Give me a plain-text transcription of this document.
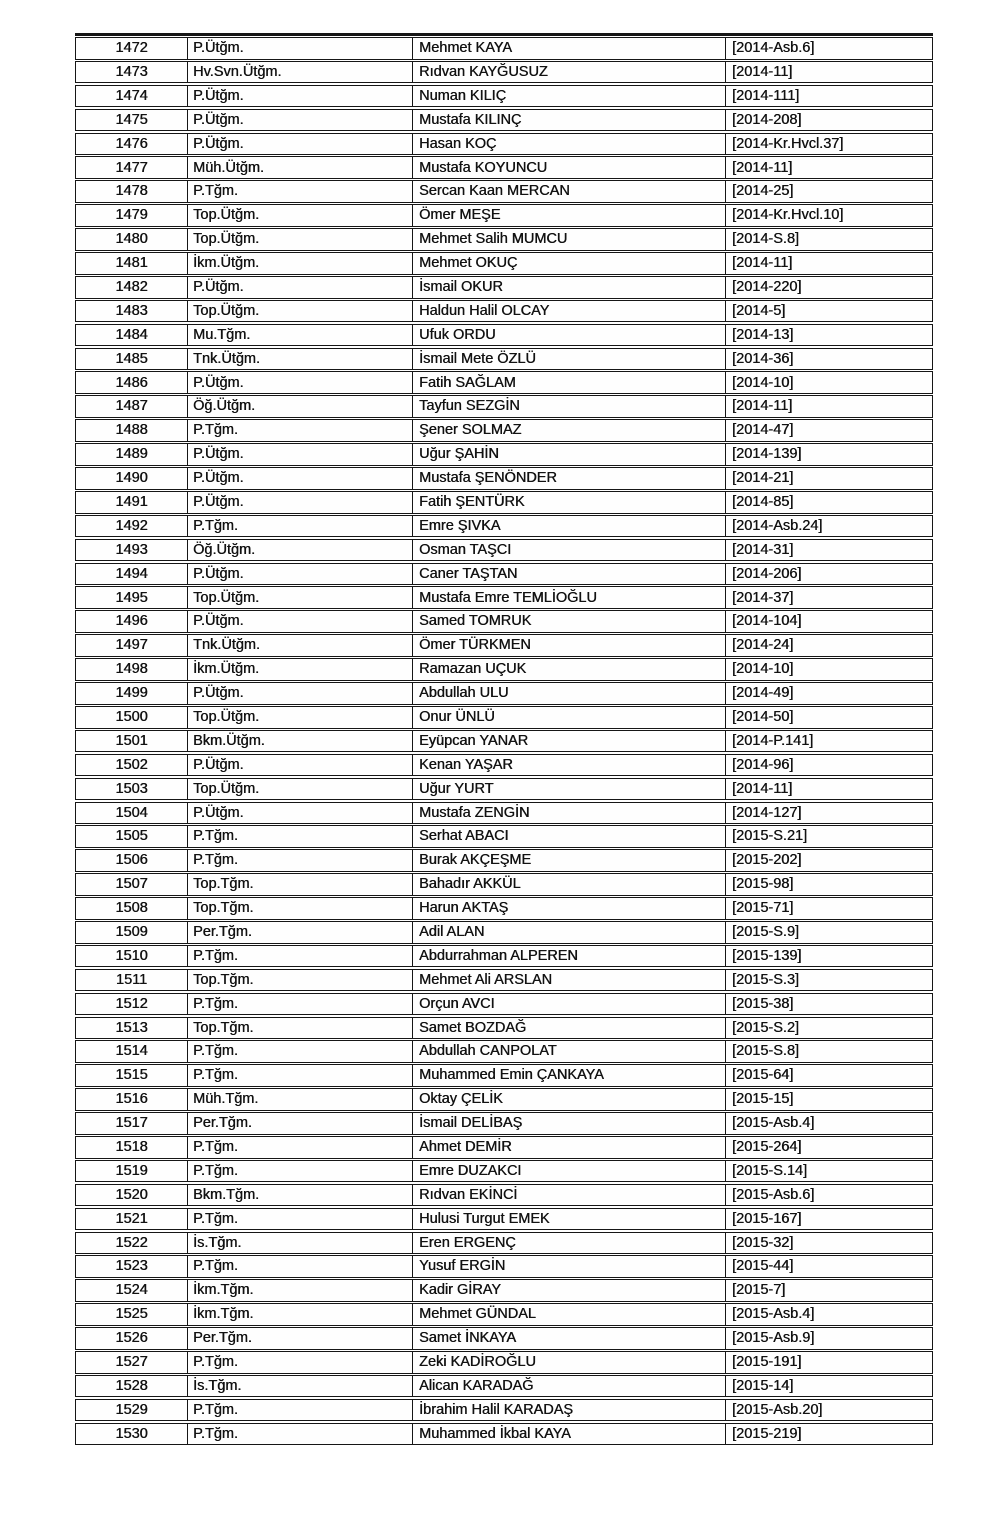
1472	P.Ütğm.	Mehmet KAYA	[2014-Asb.6]
1473	Hv.Svn.Ütğm.	Rıdvan KAYĞUSUZ	[2014-11]
1474	P.Ütğm.	Numan KILIÇ	[2014-111]
1475	P.Ütğm.	Mustafa KILINÇ	[2014-208]
1476	P.Ütğm.	Hasan KOÇ	[2014-Kr.Hvcl.37]
1477	Müh.Ütğm.	Mustafa KOYUNCU	[2014-11]
1478	P.Tğm.	Sercan Kaan MERCAN	[2014-25]
1479	Top.Ütğm.	Ömer MEŞE	[2014-Kr.Hvcl.10]
1480	Top.Ütğm.	Mehmet Salih MUMCU	[2014-S.8]
1481	İkm.Ütğm.	Mehmet OKUÇ	[2014-11]
1482	P.Ütğm.	İsmail OKUR	[2014-220]
1483	Top.Ütğm.	Haldun Halil OLCAY	[2014-5]
1484	Mu.Tğm.	Ufuk ORDU	[2014-13]
1485	Tnk.Ütğm.	İsmail Mete ÖZLÜ	[2014-36]
1486	P.Ütğm.	Fatih SAĞLAM	[2014-10]
1487	Öğ.Ütğm.	Tayfun SEZGİN	[2014-11]
1488	P.Tğm.	Şener SOLMAZ	[2014-47]
1489	P.Ütğm.	Uğur ŞAHİN	[2014-139]
1490	P.Ütğm.	Mustafa ŞENÖNDER	[2014-21]
1491	P.Ütğm.	Fatih ŞENTÜRK	[2014-85]
1492	P.Tğm.	Emre ŞIVKA	[2014-Asb.24]
1493	Öğ.Ütğm.	Osman TAŞCI	[2014-31]
1494	P.Ütğm.	Caner TAŞTAN	[2014-206]
1495	Top.Ütğm.	Mustafa Emre TEMLİOĞLU	[2014-37]
1496	P.Ütğm.	Samed TOMRUK	[2014-104]
1497	Tnk.Ütğm.	Ömer TÜRKMEN	[2014-24]
1498	İkm.Ütğm.	Ramazan UÇUK	[2014-10]
1499	P.Ütğm.	Abdullah ULU	[2014-49]
1500	Top.Ütğm.	Onur ÜNLÜ	[2014-50]
1501	Bkm.Ütğm.	Eyüpcan YANAR	[2014-P.141]
1502	P.Ütğm.	Kenan YAŞAR	[2014-96]
1503	Top.Ütğm.	Uğur YURT	[2014-11]
1504	P.Ütğm.	Mustafa ZENGİN	[2014-127]
1505	P.Tğm.	Serhat ABACI	[2015-S.21]
1506	P.Tğm.	Burak AKÇEŞME	[2015-202]
1507	Top.Tğm.	Bahadır AKKÜL	[2015-98]
1508	Top.Tğm.	Harun AKTAŞ	[2015-71]
1509	Per.Tğm.	Adil ALAN	[2015-S.9]
1510	P.Tğm.	Abdurrahman ALPEREN	[2015-139]
1511	Top.Tğm.	Mehmet Ali ARSLAN	[2015-S.3]
1512	P.Tğm.	Orçun AVCI	[2015-38]
1513	Top.Tğm.	Samet BOZDAĞ	[2015-S.2]
1514	P.Tğm.	Abdullah CANPOLAT	[2015-S.8]
1515	P.Tğm.	Muhammed Emin ÇANKAYA	[2015-64]
1516	Müh.Tğm.	Oktay ÇELİK	[2015-15]
1517	Per.Tğm.	İsmail DELİBAŞ	[2015-Asb.4]
1518	P.Tğm.	Ahmet DEMİR	[2015-264]
1519	P.Tğm.	Emre DUZAKCI	[2015-S.14]
1520	Bkm.Tğm.	Rıdvan EKİNCİ	[2015-Asb.6]
1521	P.Tğm.	Hulusi Turgut EMEK	[2015-167]
1522	İs.Tğm.	Eren ERGENÇ	[2015-32]
1523	P.Tğm.	Yusuf ERGİN	[2015-44]
1524	İkm.Tğm.	Kadir GİRAY	[2015-7]
1525	İkm.Tğm.	Mehmet GÜNDAL	[2015-Asb.4]
1526	Per.Tğm.	Samet İNKAYA	[2015-Asb.9]
1527	P.Tğm.	Zeki KADİROĞLU	[2015-191]
1528	İs.Tğm.	Alican KARADAĞ	[2015-14]
1529	P.Tğm.	İbrahim Halil KARADAŞ	[2015-Asb.20]
1530	P.Tğm.	Muhammed İkbal KAYA	[2015-219]
